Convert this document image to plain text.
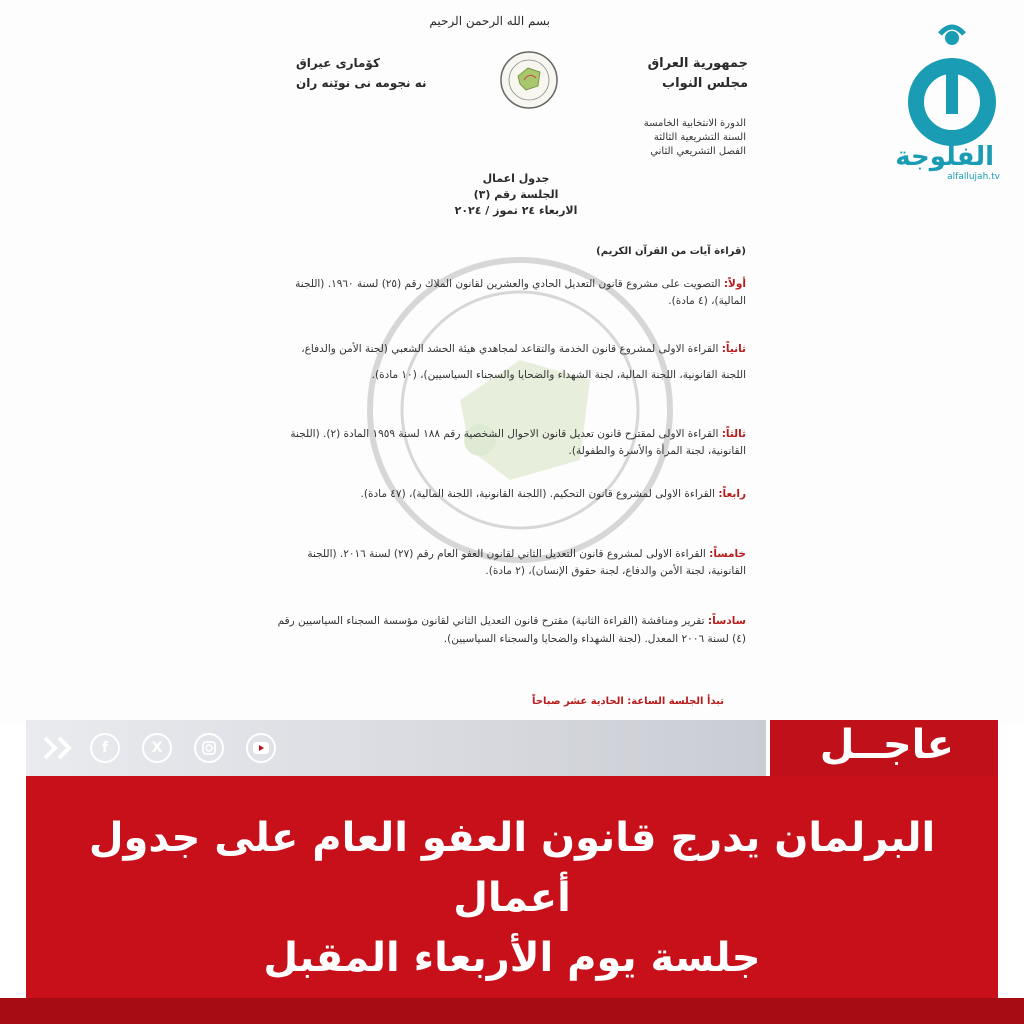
بسم الله الرحمن الرحيم
جمهورية العراق
مجلس النواب
كۆماری عیراق
نه نجومه نی نوێنه ران
الدورة الانتخابية الخامسة
السنة التشريعية الثالثة
الفصل التشريعي الثاني
جدول اعمال
الجلسة رقم (٣)
الاربعاء ٢٤ تموز / ٢٠٢٤
(قراءة آيات من القرآن الكريم)
أولاً: التصويت على مشروع قانون التعديل الحادي والعشرين لقانون الملاك رقم (٢٥) لسنة ١٩٦٠. (اللجنة المالية)، (٤ مادة).
ثانياً: القراءة الاولى لمشروع قانون الخدمة والتقاعد لمجاهدي هيئة الحشد الشعبي (لجنة الأمن والدفاع، اللجنة القانونية، اللجنة المالية، لجنة الشهداء والضحايا والسجناء السياسيين)، (١٠ مادة).
ثالثاً: القراءة الاولى لمقترح قانون تعديل قانون الاحوال الشخصية رقم ١٨٨ لسنة ١٩٥٩ المادة (٢). (اللجنة القانونية، لجنة المرأة والأسرة والطفولة).
رابعاً: القراءة الاولى لمشروع قانون التحكيم. (اللجنة القانونية، اللجنة المالية)، (٤٧ مادة).
خامساً: القراءة الاولى لمشروع قانون التعديل الثاني لقانون العفو العام رقم (٢٧) لسنة ٢٠١٦. (اللجنة القانونية، لجنة الأمن والدفاع، لجنة حقوق الإنسان)، (٢ مادة).
سادساً: تقرير ومناقشة (القراءة الثانية) مقترح قانون التعديل الثاني لقانون مؤسسة السجناء السياسيين رقم (٤) لسنة ٢٠٠٦ المعدل. (لجنة الشهداء والضحايا والسجناء السياسيين).
تبدأ الجلسة الساعة: الحادية عشر صباحاً
الفلوجة
alfallujah.tv
f	X	عاجــل
البرلمان يدرج قانون العفو العام على جدول أعمال
جلسة يوم الأربعاء المقبل
